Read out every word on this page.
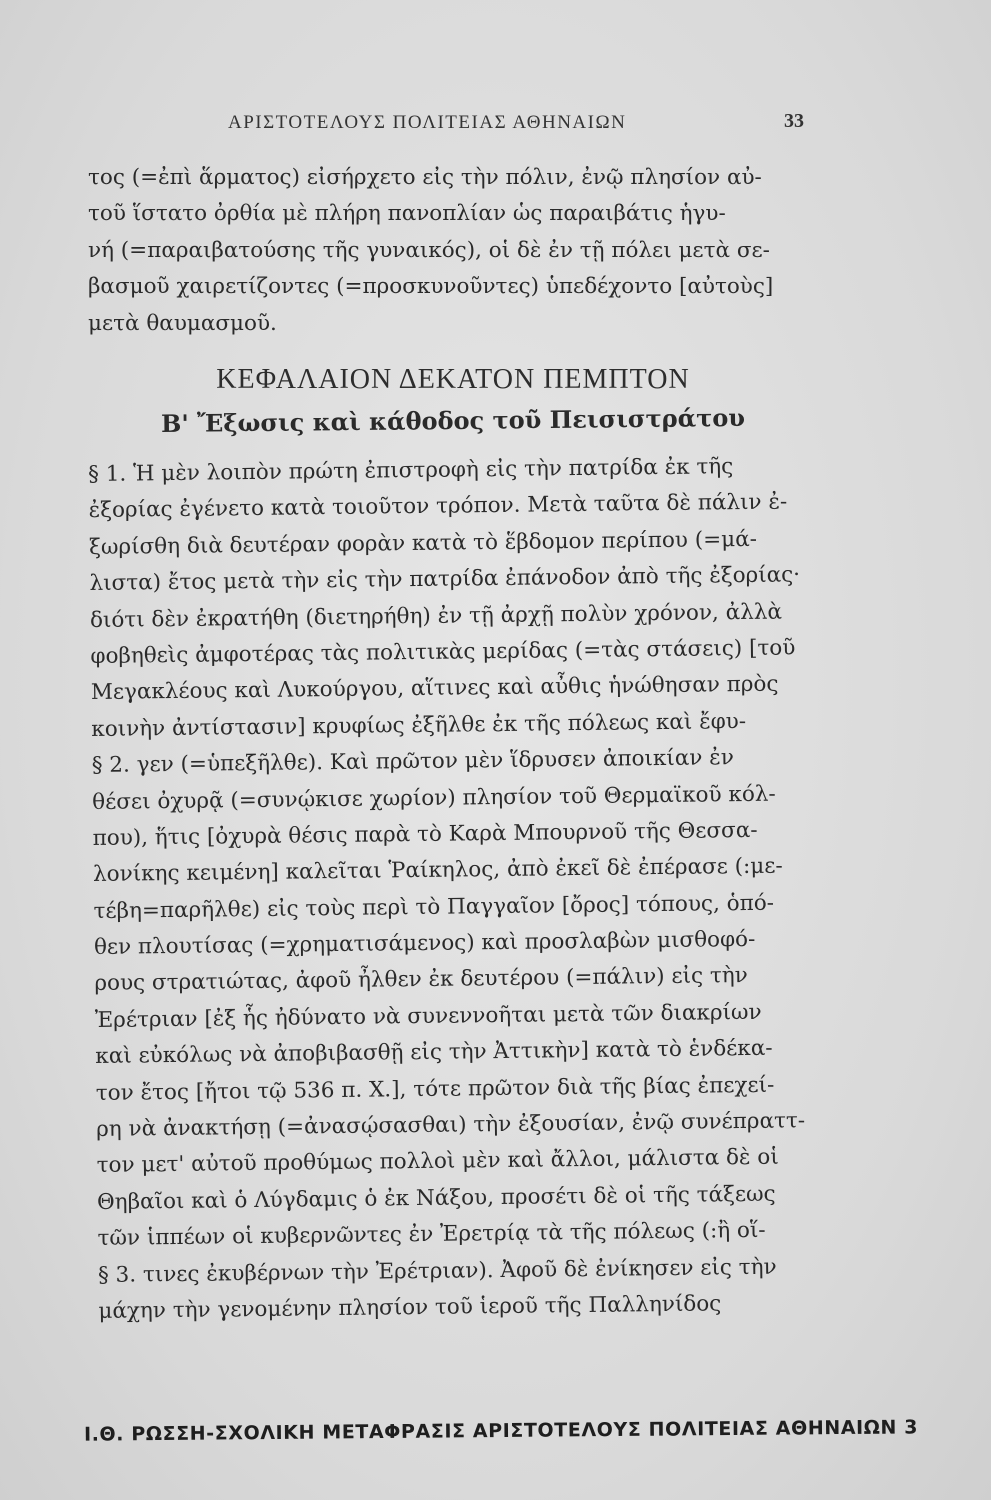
ΑΡΙΣΤΟΤΕΛΟΥΣ ΠΟΛΙΤΕΙΑΣ ΑΘΗΝΑΙΩΝ	33
τος (=ἐπὶ ἅρματος) εἰσήρχετο εἰς τὴν πόλιν, ἐνῷ πλησίον αὐ-
τοῦ ἵστατο ὀρθία μὲ πλήρη πανοπλίαν ὡς παραιβάτις ἡγυ-
νή (=παραιβατούσης τῆς γυναικός), οἱ δὲ ἐν τῇ πόλει μετὰ σε-
βασμοῦ χαιρετίζοντες (=προσκυνοῦντες) ὑπεδέχοντο [αὐτοὺς]
μετὰ θαυμασμοῦ.
ΚΕΦΑΛΑΙΟΝ ΔΕΚΑΤΟΝ ΠΕΜΠΤΟΝ
Β' Ἔξωσις καὶ κάθοδος τοῦ Πεισιστράτου
§ 1. Ἡ μὲν λοιπὸν πρώτη ἐπιστροφὴ εἰς τὴν πατρίδα ἐκ τῆς
ἐξορίας ἐγένετο κατὰ τοιοῦτον τρόπον. Μετὰ ταῦτα δὲ πάλιν ἐ-
ξωρίσθη διὰ δευτέραν φορὰν κατὰ τὸ ἕβδομον περίπου (=μά-
λιστα) ἔτος μετὰ τὴν εἰς τὴν πατρίδα ἐπάνοδον ἀπὸ τῆς ἐξορίας·
διότι δὲν ἐκρατήθη (διετηρήθη) ἐν τῇ ἀρχῇ πολὺν χρόνον, ἀλλὰ
φοβηθεὶς ἀμφοτέρας τὰς πολιτικὰς μερίδας (=τὰς στάσεις) [τοῦ
Μεγακλέους καὶ Λυκούργου, αἵτινες καὶ αὖθις ἡνώθησαν πρὸς
κοινὴν ἀντίστασιν] κρυφίως ἐξῆλθε ἐκ τῆς πόλεως καὶ ἔφυ-
§ 2. γεν (=ὑπεξῆλθε). Καὶ πρῶτον μὲν ἵδρυσεν ἀποικίαν ἐν
θέσει ὀχυρᾷ (=συνῴκισε χωρίον) πλησίον τοῦ Θερμαϊκοῦ κόλ-
που), ἥτις [ὀχυρὰ θέσις παρὰ τὸ Καρὰ Μπουρνοῦ τῆς Θεσσα-
λονίκης κειμένη] καλεῖται Ῥαίκηλος, ἀπὸ ἐκεῖ δὲ ἐπέρασε (:με-
τέβη=παρῆλθε) εἰς τοὺς περὶ τὸ Παγγαῖον [ὄρος] τόπους, ὁπό-
θεν πλουτίσας (=χρηματισάμενος) καὶ προσλαβὼν μισθοφό-
ρους στρατιώτας, ἀφοῦ ἦλθεν ἐκ δευτέρου (=πάλιν) εἰς τὴν
Ἐρέτριαν [ἐξ ἧς ἠδύνατο νὰ συνεννοῆται μετὰ τῶν διακρίων
καὶ εὐκόλως νὰ ἀποβιβασθῇ εἰς τὴν Ἀττικὴν] κατὰ τὸ ἑνδέκα-
τον ἔτος [ἤτοι τῷ 536 π. Χ.], τότε πρῶτον διὰ τῆς βίας ἐπεχεί-
ρη νὰ ἀνακτήσῃ (=ἀνασῴσασθαι) τὴν ἐξουσίαν, ἐνῷ συνέπραττ-
τον μετ' αὐτοῦ προθύμως πολλοὶ μὲν καὶ ἄλλοι, μάλιστα δὲ οἱ
Θηβαῖοι καὶ ὁ Λύγδαμις ὁ ἐκ Νάξου, προσέτι δὲ οἱ τῆς τάξεως
τῶν ἱππέων οἱ κυβερνῶντες ἐν Ἐρετρίᾳ τὰ τῆς πόλεως (:ἢ οἵ-
§ 3. τινες ἐκυβέρνων τὴν Ἐρέτριαν). Ἀφοῦ δὲ ἐνίκησεν εἰς τὴν
μάχην τὴν γενομένην πλησίον τοῦ ἱεροῦ τῆς Παλληνίδος
Ι.Θ. ΡΩΣΣΗ-ΣΧΟΛΙΚΗ ΜΕΤΑΦΡΑΣΙΣ ΑΡΙΣΤΟΤΕΛΟΥΣ ΠΟΛΙΤΕΙΑΣ ΑΘΗΝΑΙΩΝ 3
